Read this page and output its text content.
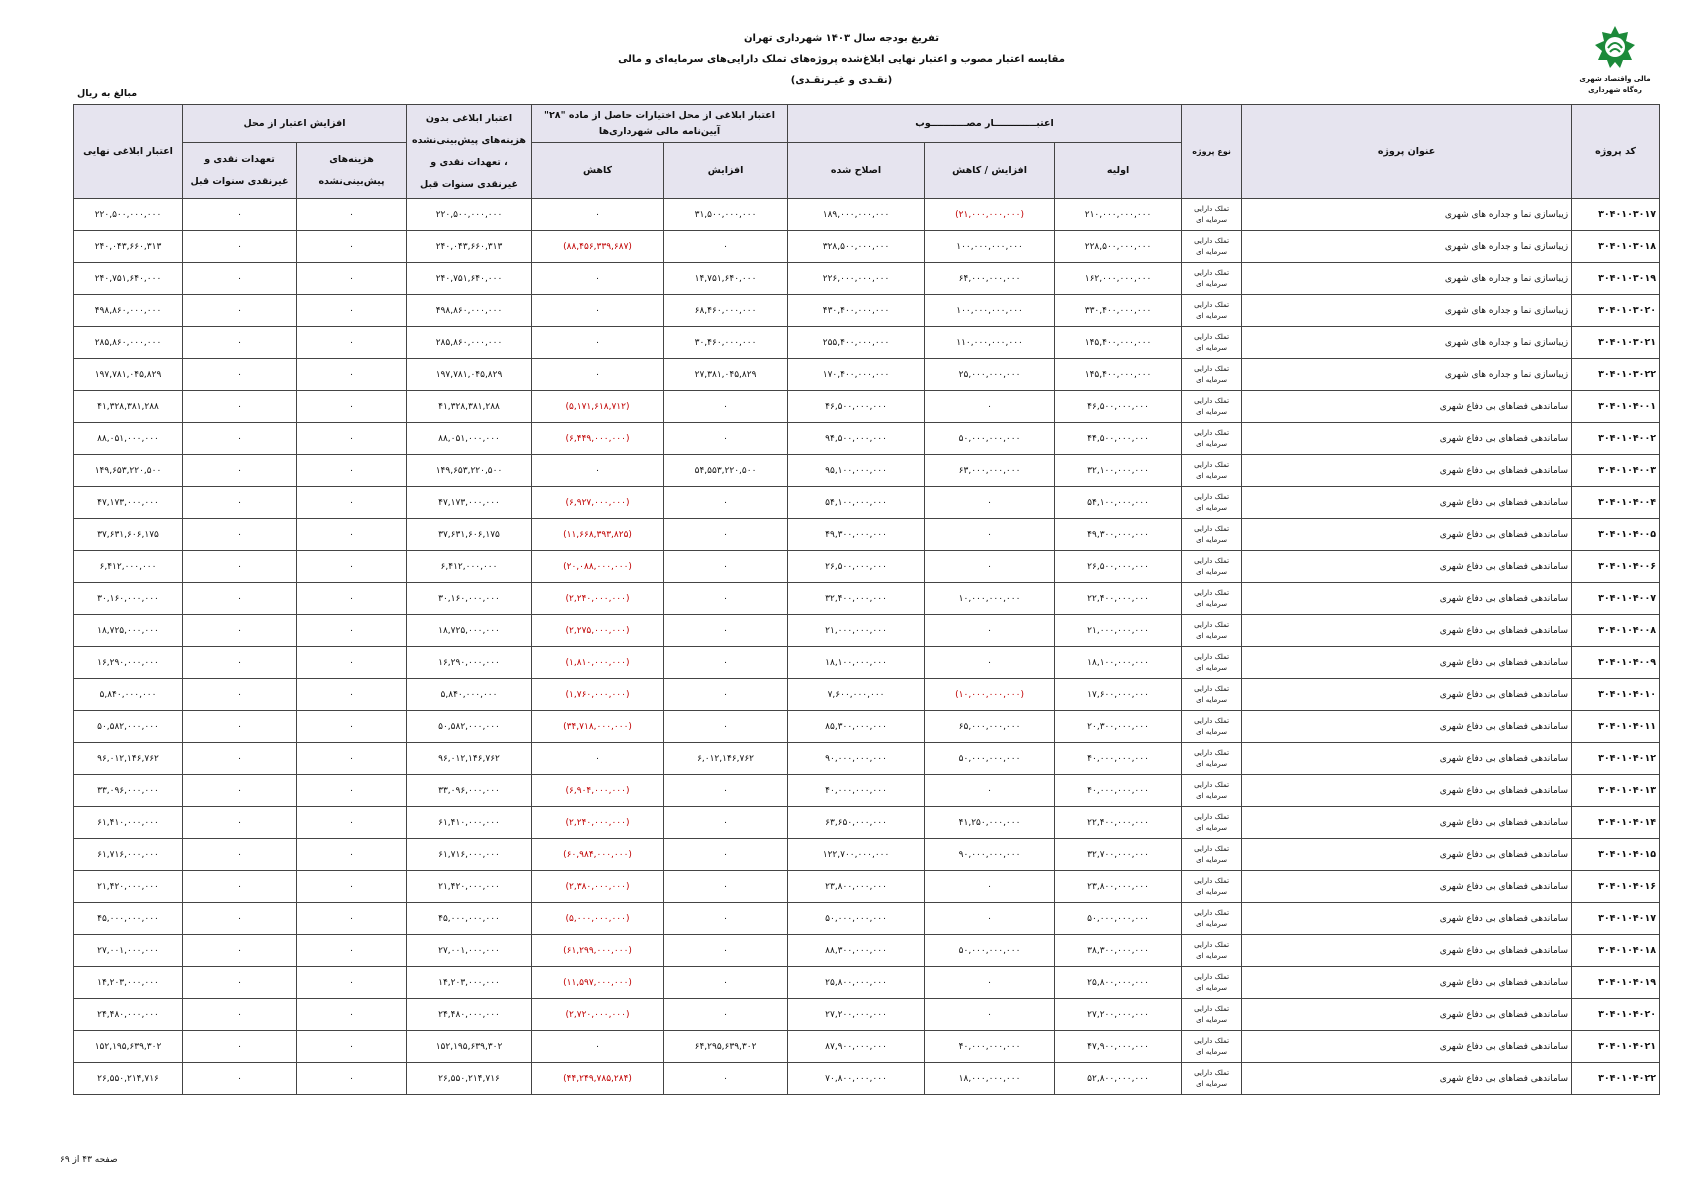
مالی واقتصاد شهری
ره‌گاه شهرداری
تفریغ بودجه سال ۱۴۰۳ شهرداری تهران
مقایسه اعتبار مصوب و اعتبار نهایی ابلاغ‌شده پروژه‌های تملک دارایی‌های سرمایه‌ای و مالی
(نقـدی و غیـرنقـدی)
مبالغ به ریال
کد پروژه	عنوان پروژه	نوع پروژه	اعتبـــــــــــــار مصـــــــــــوب			اعتبار ابلاغی از محل اختیارات حاصل از ماده "۲۸" آیین‌نامه مالی شهرداری‌ها		اعتبار ابلاغی بدون هزینه‌های پیش‌بینی‌نشده ، تعهدات نقدی و غیرنقدی سنوات قبل	افزایش اعتبار از محل		اعتبار ابلاغی نهایی
			اولیه	افزایش / کاهش	اصلاح شده	افزایش	کاهش		هزینه‌های پیش‌بینی‌نشده	تعهدات نقدی و غیرنقدی سنوات قبل	
۳۰۴۰۱۰۳۰۱۷	زیباسازی نما و جداره های شهری	تملک دارایی سرمایه ای	۲۱۰,۰۰۰,۰۰۰,۰۰۰	(۲۱,۰۰۰,۰۰۰,۰۰۰)	۱۸۹,۰۰۰,۰۰۰,۰۰۰	۳۱,۵۰۰,۰۰۰,۰۰۰	۰	۲۲۰,۵۰۰,۰۰۰,۰۰۰	۰	۰	۲۲۰,۵۰۰,۰۰۰,۰۰۰
۳۰۴۰۱۰۳۰۱۸	زیباسازی نما و جداره های شهری	تملک دارایی سرمایه ای	۲۲۸,۵۰۰,۰۰۰,۰۰۰	۱۰۰,۰۰۰,۰۰۰,۰۰۰	۳۲۸,۵۰۰,۰۰۰,۰۰۰	۰	(۸۸,۴۵۶,۳۳۹,۶۸۷)	۲۴۰,۰۴۳,۶۶۰,۳۱۳	۰	۰	۲۴۰,۰۴۳,۶۶۰,۳۱۳
۳۰۴۰۱۰۳۰۱۹	زیباسازی نما و جداره های شهری	تملک دارایی سرمایه ای	۱۶۲,۰۰۰,۰۰۰,۰۰۰	۶۴,۰۰۰,۰۰۰,۰۰۰	۲۲۶,۰۰۰,۰۰۰,۰۰۰	۱۴,۷۵۱,۶۴۰,۰۰۰	۰	۲۴۰,۷۵۱,۶۴۰,۰۰۰	۰	۰	۲۴۰,۷۵۱,۶۴۰,۰۰۰
۳۰۴۰۱۰۳۰۲۰	زیباسازی نما و جداره های شهری	تملک دارایی سرمایه ای	۳۳۰,۴۰۰,۰۰۰,۰۰۰	۱۰۰,۰۰۰,۰۰۰,۰۰۰	۴۳۰,۴۰۰,۰۰۰,۰۰۰	۶۸,۴۶۰,۰۰۰,۰۰۰	۰	۴۹۸,۸۶۰,۰۰۰,۰۰۰	۰	۰	۴۹۸,۸۶۰,۰۰۰,۰۰۰
۳۰۴۰۱۰۳۰۲۱	زیباسازی نما و جداره های شهری	تملک دارایی سرمایه ای	۱۴۵,۴۰۰,۰۰۰,۰۰۰	۱۱۰,۰۰۰,۰۰۰,۰۰۰	۲۵۵,۴۰۰,۰۰۰,۰۰۰	۳۰,۴۶۰,۰۰۰,۰۰۰	۰	۲۸۵,۸۶۰,۰۰۰,۰۰۰	۰	۰	۲۸۵,۸۶۰,۰۰۰,۰۰۰
۳۰۴۰۱۰۳۰۲۲	زیباسازی نما و جداره های شهری	تملک دارایی سرمایه ای	۱۴۵,۴۰۰,۰۰۰,۰۰۰	۲۵,۰۰۰,۰۰۰,۰۰۰	۱۷۰,۴۰۰,۰۰۰,۰۰۰	۲۷,۳۸۱,۰۴۵,۸۲۹	۰	۱۹۷,۷۸۱,۰۴۵,۸۲۹	۰	۰	۱۹۷,۷۸۱,۰۴۵,۸۲۹
۳۰۴۰۱۰۴۰۰۱	ساماندهی فضاهای بی دفاع شهری	تملک دارایی سرمایه ای	۴۶,۵۰۰,۰۰۰,۰۰۰	۰	۴۶,۵۰۰,۰۰۰,۰۰۰	۰	(۵,۱۷۱,۶۱۸,۷۱۲)	۴۱,۳۲۸,۳۸۱,۲۸۸	۰	۰	۴۱,۳۲۸,۳۸۱,۲۸۸
۳۰۴۰۱۰۴۰۰۲	ساماندهی فضاهای بی دفاع شهری	تملک دارایی سرمایه ای	۴۴,۵۰۰,۰۰۰,۰۰۰	۵۰,۰۰۰,۰۰۰,۰۰۰	۹۴,۵۰۰,۰۰۰,۰۰۰	۰	(۶,۴۴۹,۰۰۰,۰۰۰)	۸۸,۰۵۱,۰۰۰,۰۰۰	۰	۰	۸۸,۰۵۱,۰۰۰,۰۰۰
۳۰۴۰۱۰۴۰۰۳	ساماندهی فضاهای بی دفاع شهری	تملک دارایی سرمایه ای	۳۲,۱۰۰,۰۰۰,۰۰۰	۶۳,۰۰۰,۰۰۰,۰۰۰	۹۵,۱۰۰,۰۰۰,۰۰۰	۵۴,۵۵۳,۲۲۰,۵۰۰	۰	۱۴۹,۶۵۳,۲۲۰,۵۰۰	۰	۰	۱۴۹,۶۵۳,۲۲۰,۵۰۰
۳۰۴۰۱۰۴۰۰۴	ساماندهی فضاهای بی دفاع شهری	تملک دارایی سرمایه ای	۵۴,۱۰۰,۰۰۰,۰۰۰	۰	۵۴,۱۰۰,۰۰۰,۰۰۰	۰	(۶,۹۲۷,۰۰۰,۰۰۰)	۴۷,۱۷۳,۰۰۰,۰۰۰	۰	۰	۴۷,۱۷۳,۰۰۰,۰۰۰
۳۰۴۰۱۰۴۰۰۵	ساماندهی فضاهای بی دفاع شهری	تملک دارایی سرمایه ای	۴۹,۳۰۰,۰۰۰,۰۰۰	۰	۴۹,۳۰۰,۰۰۰,۰۰۰	۰	(۱۱,۶۶۸,۳۹۳,۸۲۵)	۳۷,۶۳۱,۶۰۶,۱۷۵	۰	۰	۳۷,۶۳۱,۶۰۶,۱۷۵
۳۰۴۰۱۰۴۰۰۶	ساماندهی فضاهای بی دفاع شهری	تملک دارایی سرمایه ای	۲۶,۵۰۰,۰۰۰,۰۰۰	۰	۲۶,۵۰۰,۰۰۰,۰۰۰	۰	(۲۰,۰۸۸,۰۰۰,۰۰۰)	۶,۴۱۲,۰۰۰,۰۰۰	۰	۰	۶,۴۱۲,۰۰۰,۰۰۰
۳۰۴۰۱۰۴۰۰۷	ساماندهی فضاهای بی دفاع شهری	تملک دارایی سرمایه ای	۲۲,۴۰۰,۰۰۰,۰۰۰	۱۰,۰۰۰,۰۰۰,۰۰۰	۳۲,۴۰۰,۰۰۰,۰۰۰	۰	(۲,۲۴۰,۰۰۰,۰۰۰)	۳۰,۱۶۰,۰۰۰,۰۰۰	۰	۰	۳۰,۱۶۰,۰۰۰,۰۰۰
۳۰۴۰۱۰۴۰۰۸	ساماندهی فضاهای بی دفاع شهری	تملک دارایی سرمایه ای	۲۱,۰۰۰,۰۰۰,۰۰۰	۰	۲۱,۰۰۰,۰۰۰,۰۰۰	۰	(۲,۲۷۵,۰۰۰,۰۰۰)	۱۸,۷۲۵,۰۰۰,۰۰۰	۰	۰	۱۸,۷۲۵,۰۰۰,۰۰۰
۳۰۴۰۱۰۴۰۰۹	ساماندهی فضاهای بی دفاع شهری	تملک دارایی سرمایه ای	۱۸,۱۰۰,۰۰۰,۰۰۰	۰	۱۸,۱۰۰,۰۰۰,۰۰۰	۰	(۱,۸۱۰,۰۰۰,۰۰۰)	۱۶,۲۹۰,۰۰۰,۰۰۰	۰	۰	۱۶,۲۹۰,۰۰۰,۰۰۰
۳۰۴۰۱۰۴۰۱۰	ساماندهی فضاهای بی دفاع شهری	تملک دارایی سرمایه ای	۱۷,۶۰۰,۰۰۰,۰۰۰	(۱۰,۰۰۰,۰۰۰,۰۰۰)	۷,۶۰۰,۰۰۰,۰۰۰	۰	(۱,۷۶۰,۰۰۰,۰۰۰)	۵,۸۴۰,۰۰۰,۰۰۰	۰	۰	۵,۸۴۰,۰۰۰,۰۰۰
۳۰۴۰۱۰۴۰۱۱	ساماندهی فضاهای بی دفاع شهری	تملک دارایی سرمایه ای	۲۰,۳۰۰,۰۰۰,۰۰۰	۶۵,۰۰۰,۰۰۰,۰۰۰	۸۵,۳۰۰,۰۰۰,۰۰۰	۰	(۳۴,۷۱۸,۰۰۰,۰۰۰)	۵۰,۵۸۲,۰۰۰,۰۰۰	۰	۰	۵۰,۵۸۲,۰۰۰,۰۰۰
۳۰۴۰۱۰۴۰۱۲	ساماندهی فضاهای بی دفاع شهری	تملک دارایی سرمایه ای	۴۰,۰۰۰,۰۰۰,۰۰۰	۵۰,۰۰۰,۰۰۰,۰۰۰	۹۰,۰۰۰,۰۰۰,۰۰۰	۶,۰۱۲,۱۴۶,۷۶۲	۰	۹۶,۰۱۲,۱۴۶,۷۶۲	۰	۰	۹۶,۰۱۲,۱۴۶,۷۶۲
۳۰۴۰۱۰۴۰۱۳	ساماندهی فضاهای بی دفاع شهری	تملک دارایی سرمایه ای	۴۰,۰۰۰,۰۰۰,۰۰۰	۰	۴۰,۰۰۰,۰۰۰,۰۰۰	۰	(۶,۹۰۴,۰۰۰,۰۰۰)	۳۳,۰۹۶,۰۰۰,۰۰۰	۰	۰	۳۳,۰۹۶,۰۰۰,۰۰۰
۳۰۴۰۱۰۴۰۱۴	ساماندهی فضاهای بی دفاع شهری	تملک دارایی سرمایه ای	۲۲,۴۰۰,۰۰۰,۰۰۰	۴۱,۲۵۰,۰۰۰,۰۰۰	۶۳,۶۵۰,۰۰۰,۰۰۰	۰	(۲,۲۴۰,۰۰۰,۰۰۰)	۶۱,۴۱۰,۰۰۰,۰۰۰	۰	۰	۶۱,۴۱۰,۰۰۰,۰۰۰
۳۰۴۰۱۰۴۰۱۵	ساماندهی فضاهای بی دفاع شهری	تملک دارایی سرمایه ای	۳۲,۷۰۰,۰۰۰,۰۰۰	۹۰,۰۰۰,۰۰۰,۰۰۰	۱۲۲,۷۰۰,۰۰۰,۰۰۰	۰	(۶۰,۹۸۴,۰۰۰,۰۰۰)	۶۱,۷۱۶,۰۰۰,۰۰۰	۰	۰	۶۱,۷۱۶,۰۰۰,۰۰۰
۳۰۴۰۱۰۴۰۱۶	ساماندهی فضاهای بی دفاع شهری	تملک دارایی سرمایه ای	۲۳,۸۰۰,۰۰۰,۰۰۰	۰	۲۳,۸۰۰,۰۰۰,۰۰۰	۰	(۲,۳۸۰,۰۰۰,۰۰۰)	۲۱,۴۲۰,۰۰۰,۰۰۰	۰	۰	۲۱,۴۲۰,۰۰۰,۰۰۰
۳۰۴۰۱۰۴۰۱۷	ساماندهی فضاهای بی دفاع شهری	تملک دارایی سرمایه ای	۵۰,۰۰۰,۰۰۰,۰۰۰	۰	۵۰,۰۰۰,۰۰۰,۰۰۰	۰	(۵,۰۰۰,۰۰۰,۰۰۰)	۴۵,۰۰۰,۰۰۰,۰۰۰	۰	۰	۴۵,۰۰۰,۰۰۰,۰۰۰
۳۰۴۰۱۰۴۰۱۸	ساماندهی فضاهای بی دفاع شهری	تملک دارایی سرمایه ای	۳۸,۳۰۰,۰۰۰,۰۰۰	۵۰,۰۰۰,۰۰۰,۰۰۰	۸۸,۳۰۰,۰۰۰,۰۰۰	۰	(۶۱,۲۹۹,۰۰۰,۰۰۰)	۲۷,۰۰۱,۰۰۰,۰۰۰	۰	۰	۲۷,۰۰۱,۰۰۰,۰۰۰
۳۰۴۰۱۰۴۰۱۹	ساماندهی فضاهای بی دفاع شهری	تملک دارایی سرمایه ای	۲۵,۸۰۰,۰۰۰,۰۰۰	۰	۲۵,۸۰۰,۰۰۰,۰۰۰	۰	(۱۱,۵۹۷,۰۰۰,۰۰۰)	۱۴,۲۰۳,۰۰۰,۰۰۰	۰	۰	۱۴,۲۰۳,۰۰۰,۰۰۰
۳۰۴۰۱۰۴۰۲۰	ساماندهی فضاهای بی دفاع شهری	تملک دارایی سرمایه ای	۲۷,۲۰۰,۰۰۰,۰۰۰	۰	۲۷,۲۰۰,۰۰۰,۰۰۰	۰	(۲,۷۲۰,۰۰۰,۰۰۰)	۲۴,۴۸۰,۰۰۰,۰۰۰	۰	۰	۲۴,۴۸۰,۰۰۰,۰۰۰
۳۰۴۰۱۰۴۰۲۱	ساماندهی فضاهای بی دفاع شهری	تملک دارایی سرمایه ای	۴۷,۹۰۰,۰۰۰,۰۰۰	۴۰,۰۰۰,۰۰۰,۰۰۰	۸۷,۹۰۰,۰۰۰,۰۰۰	۶۴,۲۹۵,۶۳۹,۳۰۲	۰	۱۵۲,۱۹۵,۶۳۹,۳۰۲	۰	۰	۱۵۲,۱۹۵,۶۳۹,۳۰۲
۳۰۴۰۱۰۴۰۲۲	ساماندهی فضاهای بی دفاع شهری	تملک دارایی سرمایه ای	۵۲,۸۰۰,۰۰۰,۰۰۰	۱۸,۰۰۰,۰۰۰,۰۰۰	۷۰,۸۰۰,۰۰۰,۰۰۰	۰	(۴۴,۲۴۹,۷۸۵,۲۸۴)	۲۶,۵۵۰,۲۱۴,۷۱۶	۰	۰	۲۶,۵۵۰,۲۱۴,۷۱۶
صفحه ۴۳ از ۶۹
